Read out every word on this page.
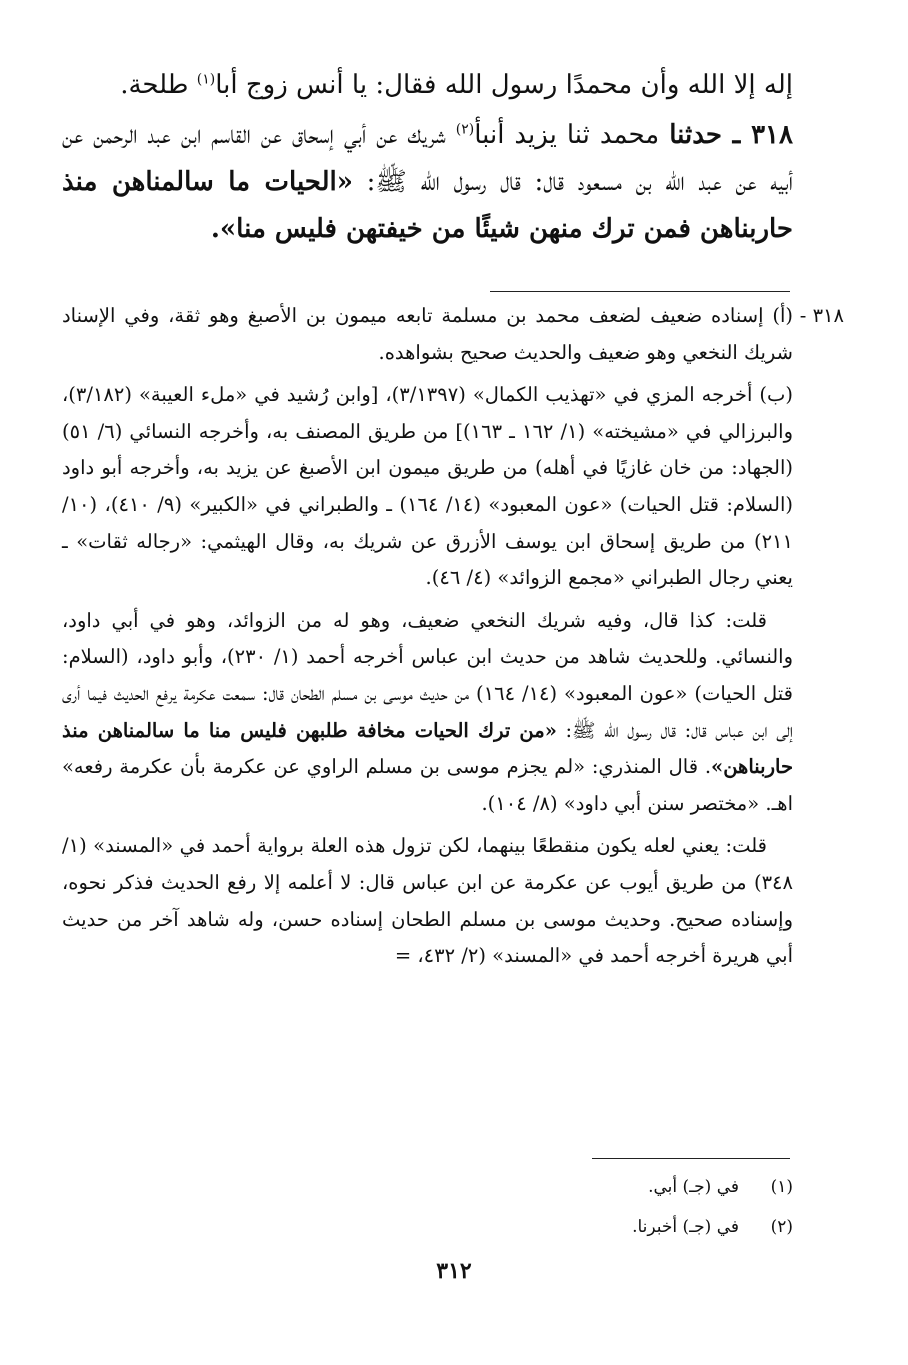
إله إلا الله وأن محمدًا رسول الله فقال: يا أنس زوج أبا$^{(١)}$ طلحة.

٣١٨ ـ حدثنا محمد ثنا يزيد أنبأ$^{(٢)}$ شريك عن أبي إسحاق عن القاسم ابن عبد الرحمن عن أبيه عن عبد الله بن مسعود قال: قال رسول الله ﷺ: «الحيات ما سالمناهن منذ حاربناهن فمن ترك منهن شيئًا من خيفتهن فليس منا».

٣١٨ -
(أ) إسناده ضعيف لضعف محمد بن مسلمة تابعه ميمون بن الأصبغ وهو ثقة، وفي الإسناد شريك النخعي وهو ضعيف والحديث صحيح بشواهده.

(ب) أخرجه المزي في «تهذيب الكمال» (٣/١٣٩٧)، [وابن رُشيد في «ملء العيبة» (٣/١٨٢)، والبرزالي في «مشيخته» (١/ ١٦٢ ـ ١٦٣)] من طريق المصنف به، وأخرجه النسائي (٦/ ٥١) (الجهاد: من خان غازيًا في أهله) من طريق ميمون ابن الأصبغ عن يزيد به، وأخرجه أبو داود (السلام: قتل الحيات) «عون المعبود» (١٤/ ١٦٤) ـ والطبراني في «الكبير» (٩/ ٤١٠)، (١٠/ ٢١١) من طريق إسحاق ابن يوسف الأزرق عن شريك به، وقال الهيثمي: «رجاله ثقات» ـ يعني رجال الطبراني «مجمع الزوائد» (٤/ ٤٦).

قلت: كذا قال، وفيه شريك النخعي ضعيف، وهو له من الزوائد، وهو في أبي داود، والنسائي. وللحديث شاهد من حديث ابن عباس أخرجه أحمد (١/ ٢٣٠)، وأبو داود، (السلام: قتل الحيات) «عون المعبود» (١٤/ ١٦٤) من حديث موسى بن مسلم الطحان قال: سمعت عكرمة يرفع الحديث فيما أرى إلى ابن عباس قال: قال رسول الله ﷺ: «من ترك الحيات مخافة طلبهن فليس منا ما سالمناهن منذ حاربناهن». قال المنذري: «لم يجزم موسى بن مسلم الراوي عن عكرمة بأن عكرمة رفعه» اهـ. «مختصر سنن أبي داود» (٨/ ١٠٤).

قلت: يعني لعله يكون منقطعًا بينهما، لكن تزول هذه العلة برواية أحمد في «المسند» (١/ ٣٤٨) من طريق أيوب عن عكرمة عن ابن عباس قال: لا أعلمه إلا رفع الحديث فذكر نحوه، وإسناده صحيح. وحديث موسى بن مسلم الطحان إسناده حسن، وله شاهد آخر من حديث أبي هريرة أخرجه أحمد في «المسند» (٢/ ٤٣٢، =

(١)
في (جـ) أبي.
(٢)
في (جـ) أخبرنا.
٣١٢
